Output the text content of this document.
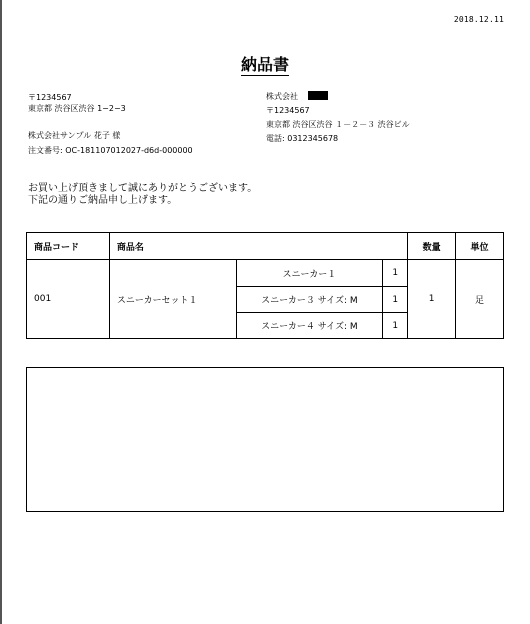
2018.12.11
納品書
〒1234567
東京都 渋谷区渋谷 1−2−3
株式会社サンプル 花子 様
注文番号: OC-181107012027-d6d-000000
株式会社
〒1234567
東京都 渋谷区渋谷 １－２－３ 渋谷ビル
電話: 0312345678
お買い上げ頂きまして誠にありがとうございます。
下記の通りご納品申し上げます。
商品コード	商品名			数量	単位
001	スニーカーセット１	スニーカー１	1	1	足
		スニーカー３ サイズ: M	1		
		スニーカー４ サイズ: M	1		
